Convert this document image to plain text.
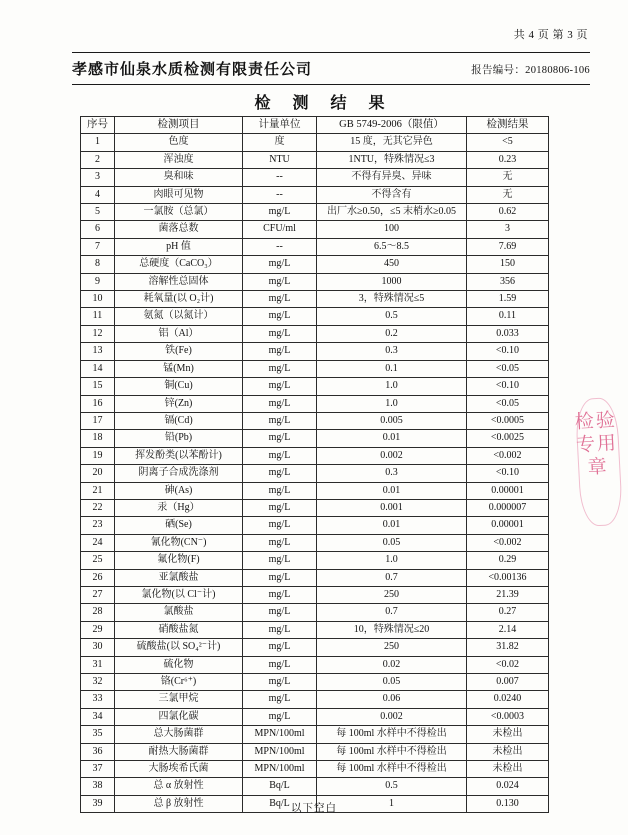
共 4 页 第 3 页
孝感市仙泉水质检测有限责任公司	报告编号：20180806-106
检 测 结 果
序号	检测项目	计量单位	GB 5749-2006（限值）	检测结果
1	色度	度	15 度，无其它异色	<5
2	浑浊度	NTU	1NTU，特殊情况≤3	0.23
3	臭和味	--	不得有异臭、异味	无
4	肉眼可见物	--	不得含有	无
5	一氯胺（总氯）	mg/L	出厂水≥0.50，≤5 末梢水≥0.05	0.62
6	菌落总数	CFU/ml	100	3
7	pH 值	--	6.5～8.5	7.69
8	总硬度（CaCO₃）	mg/L	450	150
9	溶解性总固体	mg/L	1000	356
10	耗氧量(以 O₂计)	mg/L	3，特殊情况≤5	1.59
11	氨氮（以氮计）	mg/L	0.5	0.11
12	铝（Al）	mg/L	0.2	0.033
13	铁(Fe)	mg/L	0.3	<0.10
14	锰(Mn)	mg/L	0.1	<0.05
15	铜(Cu)	mg/L	1.0	<0.10
16	锌(Zn)	mg/L	1.0	<0.05
17	镉(Cd)	mg/L	0.005	<0.0005
18	铅(Pb)	mg/L	0.01	<0.0025
19	挥发酚类(以苯酚计)	mg/L	0.002	<0.002
20	阴离子合成洗涤剂	mg/L	0.3	<0.10
21	砷(As)	mg/L	0.01	0.00001
22	汞（Hg）	mg/L	0.001	0.000007
23	硒(Se)	mg/L	0.01	0.00001
24	氰化物(CN⁻)	mg/L	0.05	<0.002
25	氟化物(F)	mg/L	1.0	0.29
26	亚氯酸盐	mg/L	0.7	<0.00136
27	氯化物(以 Cl⁻计)	mg/L	250	21.39
28	氯酸盐	mg/L	0.7	0.27
29	硝酸盐氮	mg/L	10，特殊情况≤20	2.14
30	硫酸盐(以 SO₄²⁻计)	mg/L	250	31.82
31	硫化物	mg/L	0.02	<0.02
32	铬(Cr⁶⁺)	mg/L	0.05	0.007
33	三氯甲烷	mg/L	0.06	0.0240
34	四氯化碳	mg/L	0.002	<0.0003
35	总大肠菌群	MPN/100ml	每 100ml 水样中不得检出	未检出
36	耐热大肠菌群	MPN/100ml	每 100ml 水样中不得检出	未检出
37	大肠埃希氏菌	MPN/100ml	每 100ml 水样中不得检出	未检出
38	总 α 放射性	Bq/L	0.5	0.024
39	总 β 放射性	Bq/L	1	0.130
以下空白
检验专用章
